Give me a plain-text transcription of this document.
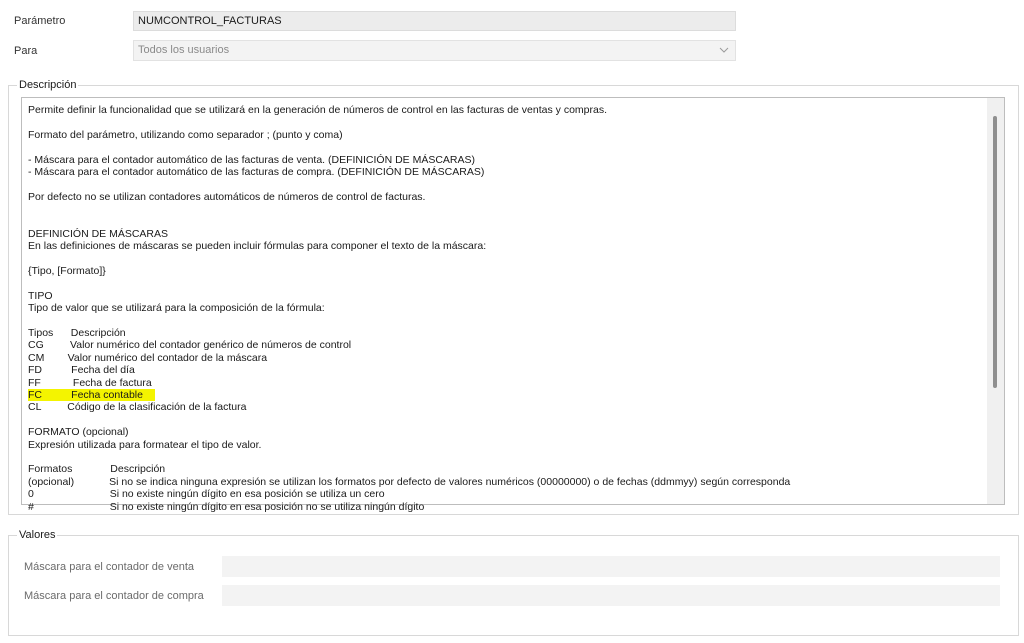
Parámetro	NUMCONTROL_FACTURAS
Para	Todos los usuarios
Descripción
Permite definir la funcionalidad que se utilizará en la generación de números de control en las facturas de ventas y compras.
Formato del parámetro, utilizando como separador ; (punto y coma)
- Máscara para el contador automático de las facturas de venta. (DEFINICIÓN DE MÁSCARAS)
- Máscara para el contador automático de las facturas de compra. (DEFINICIÓN DE MÁSCARAS)
Por defecto no se utilizan contadores automáticos de números de control de facturas.
DEFINICIÓN DE MÁSCARAS
En las definiciones de máscaras se pueden incluir fórmulas para componer el texto de la máscara:
{Tipo, [Formato]}
TIPO
Tipo de valor que se utilizará para la composición de la fórmula:
Tipos      Descripción
CG         Valor numérico del contador genérico de números de control
CM        Valor numérico del contador de la máscara
FD          Fecha del día
FF           Fecha de factura
FC          Fecha contable
CL         Código de la clasificación de la factura
FORMATO (opcional)
Expresión utilizada para formatear el tipo de valor.
Formatos             Descripción
(opcional)            Si no se indica ninguna expresión se utilizan los formatos por defecto de valores numéricos (00000000) o de fechas (ddmmyy) según corresponda
0                          Si no existe ningún dígito en esa posición se utiliza un cero
#                          Si no existe ningún dígito en esa posición no se utiliza ningún dígito
Valores
Máscara para el contador de venta
Máscara para el contador de compra
